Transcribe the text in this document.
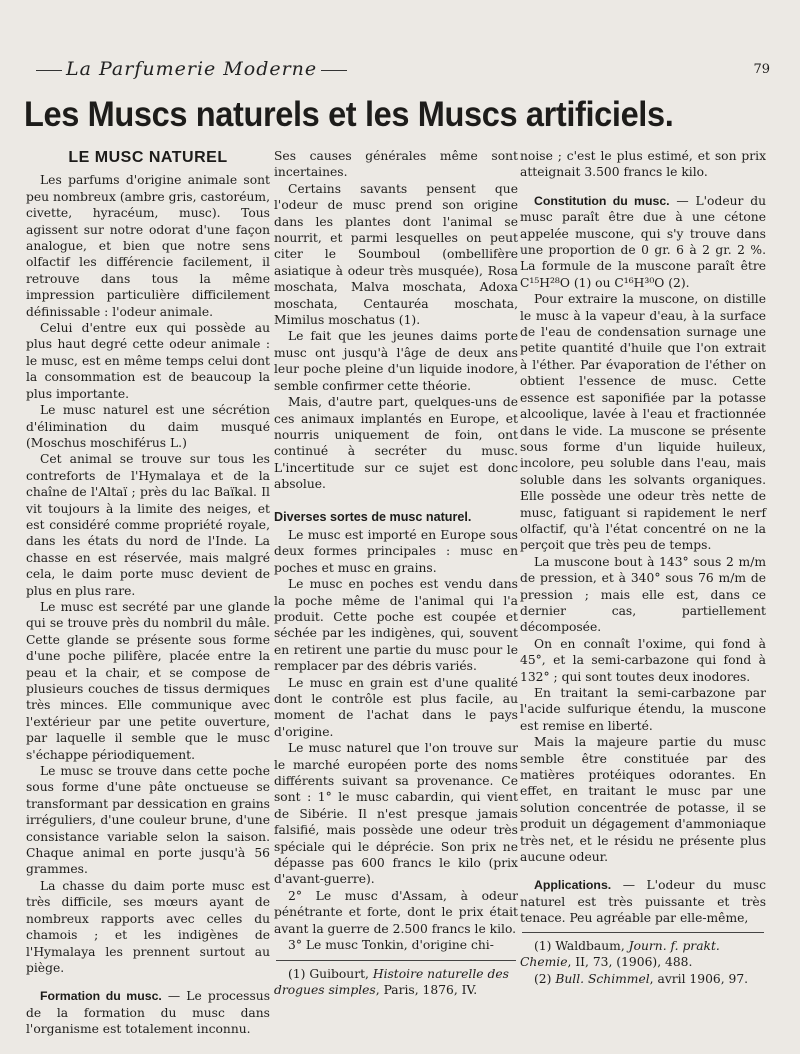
La Parfumerie Moderne	79
Les Muscs naturels et les Muscs artificiels.
LE MUSC NATUREL

Les parfums d'origine animale sont peu nombreux (ambre gris, castoréum, civette, hyracéum, musc). Tous agissent sur notre odorat d'une façon analogue, et bien que notre sens olfactif les différencie facilement, il retrouve dans tous la même impression particulière difficilement définissable : l'odeur animale.

Celui d'entre eux qui possède au plus haut degré cette odeur animale : le musc, est en même temps celui dont la consommation est de beaucoup la plus importante.

Le musc naturel est une sécrétion d'élimination du daim musqué (Moschus moschiférus L.)

Cet animal se trouve sur tous les contreforts de l'Hymalaya et de la chaîne de l'Altaï ; près du lac Baïkal. Il vit toujours à la limite des neiges, et est considéré comme propriété royale, dans les états du nord de l'Inde. La chasse en est réservée, mais malgré cela, le daim porte musc devient de plus en plus rare.

Le musc est secrété par une glande qui se trouve près du nombril du mâle. Cette glande se présente sous forme d'une poche pilifère, placée entre la peau et la chair, et se compose de plusieurs couches de tissus dermiques très minces. Elle communique avec l'extérieur par une petite ouverture, par laquelle il semble que le musc s'échappe périodiquement.

Le musc se trouve dans cette poche sous forme d'une pâte onctueuse se transformant par dessication en grains irréguliers, d'une couleur brune, d'une consistance variable selon la saison. Chaque animal en porte jusqu'à 56 grammes.

La chasse du daim porte musc est très difficile, ses mœurs ayant de nombreux rapports avec celles du chamois ; et les indigènes de l'Hymalaya les prennent surtout au piège.

Formation du musc. — Le processus de la formation du musc dans l'organisme est totalement inconnu.

Ses causes générales même sont incertaines.

Certains savants pensent que l'odeur de musc prend son origine dans les plantes dont l'animal se nourrit, et parmi lesquelles on peut citer le Soumboul (ombellifère asiatique à odeur très musquée), Rosa moschata, Malva moschata, Adoxa moschata, Centauréa moschata, Mimilus moschatus (1).

Le fait que les jeunes daims porte musc ont jusqu'à l'âge de deux ans leur poche pleine d'un liquide inodore, semble confirmer cette théorie.

Mais, d'autre part, quelques-uns de ces animaux implantés en Europe, et nourris uniquement de foin, ont continué à secréter du musc. L'incertitude sur ce sujet est donc absolue.

Diverses sortes de musc naturel.

Le musc est importé en Europe sous deux formes principales : musc en poches et musc en grains.

Le musc en poches est vendu dans la poche même de l'animal qui l'a produit. Cette poche est coupée et séchée par les indigènes, qui, souvent en retirent une partie du musc pour le remplacer par des débris variés.

Le musc en grain est d'une qualité dont le contrôle est plus facile, au moment de l'achat dans le pays d'origine.

Le musc naturel que l'on trouve sur le marché européen porte des noms différents suivant sa provenance. Ce sont : 1° le musc cabardin, qui vient de Sibérie. Il n'est presque jamais falsifié, mais possède une odeur très spéciale qui le déprécie. Son prix ne dépasse pas 600 francs le kilo (prix d'avant-guerre).

2° Le musc d'Assam, à odeur pénétrante et forte, dont le prix était avant la guerre de 2.500 francs le kilo.

3° Le musc Tonkin, d'origine chi-

(1) Guibourt, Histoire naturelle des drogues simples, Paris, 1876, IV.

noise ; c'est le plus estimé, et son prix atteignait 3.500 francs le kilo.

Constitution du musc. — L'odeur du musc paraît être due à une cétone appelée muscone, qui s'y trouve dans une proportion de 0 gr. 6 à 2 gr. 2 %. La formule de la muscone paraît être C¹⁵H²⁸O (1) ou C¹⁶H³⁰O (2).

Pour extraire la muscone, on distille le musc à la vapeur d'eau, à la surface de l'eau de condensation surnage une petite quantité d'huile que l'on extrait à l'éther. Par évaporation de l'éther on obtient l'essence de musc. Cette essence est saponifiée par la potasse alcoolique, lavée à l'eau et fractionnée dans le vide. La muscone se présente sous forme d'un liquide huileux, incolore, peu soluble dans l'eau, mais soluble dans les solvants organiques. Elle possède une odeur très nette de musc, fatiguant si rapidement le nerf olfactif, qu'à l'état concentré on ne la perçoit que très peu de temps.

La muscone bout à 143° sous 2 m/m de pression, et à 340° sous 76 m/m de pression ; mais elle est, dans ce dernier cas, partiellement décomposée.

On en connaît l'oxime, qui fond à 45°, et la semi-carbazone qui fond à 132° ; qui sont toutes deux inodores.

En traitant la semi-carbazone par l'acide sulfurique étendu, la muscone est remise en liberté.

Mais la majeure partie du musc semble être constituée par des matières protéiques odorantes. En effet, en traitant le musc par une solution concentrée de potasse, il se produit un dégagement d'ammoniaque très net, et le résidu ne présente plus aucune odeur.

Applications. — L'odeur du musc naturel est très puissante et très tenace. Peu agréable par elle-même,

(1) Waldbaum, Journ. f. prakt. Chemie, II, 73, (1906), 488.

(2) Bull. Schimmel, avril 1906, 97.
